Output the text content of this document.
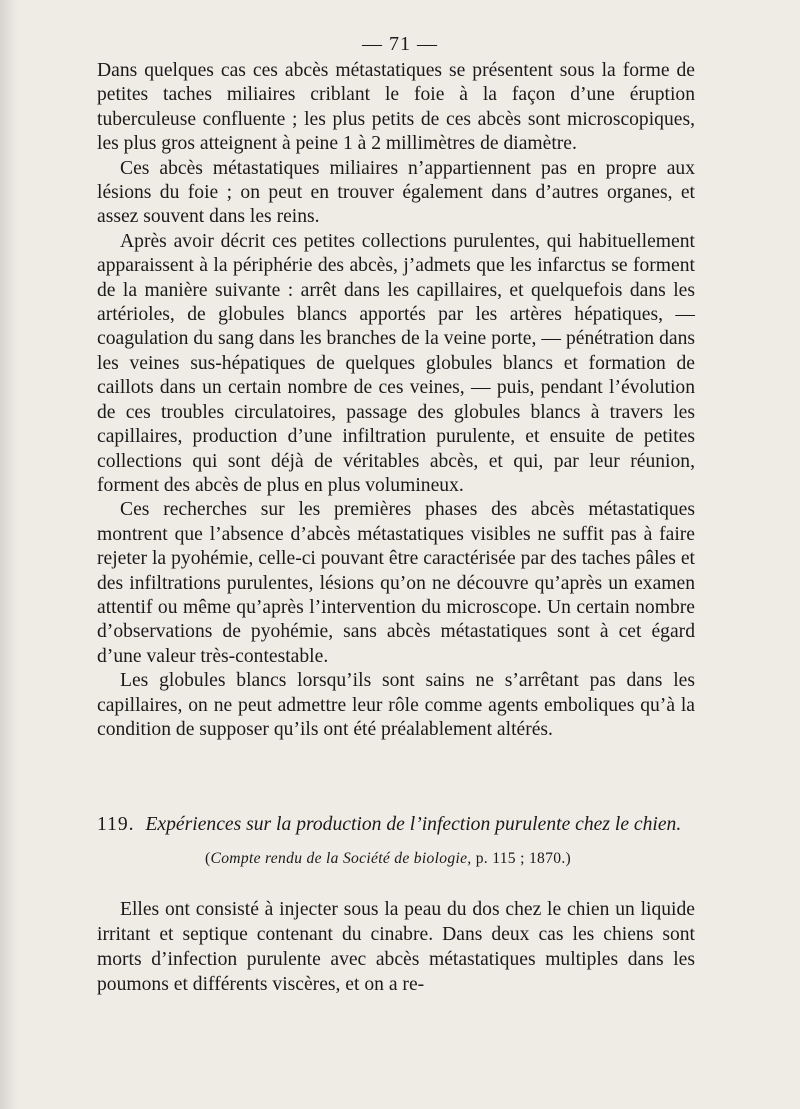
— 71 —

Dans quelques cas ces abcès métastatiques se présentent sous la forme de petites taches miliaires criblant le foie à la façon d’une éruption tuberculeuse confluente ; les plus petits de ces abcès sont microscopiques, les plus gros atteignent à peine 1 à 2 millimètres de diamètre.

Ces abcès métastatiques miliaires n’appartiennent pas en propre aux lésions du foie ; on peut en trouver également dans d’autres organes, et assez souvent dans les reins.

Après avoir décrit ces petites collections purulentes, qui habituellement apparaissent à la périphérie des abcès, j’admets que les infarctus se forment de la manière suivante : arrêt dans les capillaires, et quelquefois dans les artérioles, de globules blancs apportés par les artères hépatiques, — coagulation du sang dans les branches de la veine porte, — pénétration dans les veines sus-hépatiques de quelques globules blancs et formation de caillots dans un certain nombre de ces veines, — puis, pendant l’évolution de ces troubles circulatoires, passage des globules blancs à travers les capillaires, production d’une infiltration purulente, et ensuite de petites collections qui sont déjà de véritables abcès, et qui, par leur réunion, forment des abcès de plus en plus volumineux.

Ces recherches sur les premières phases des abcès métastatiques montrent que l’absence d’abcès métastatiques visibles ne suffit pas à faire rejeter la pyohémie, celle-ci pouvant être caractérisée par des taches pâles et des infiltrations purulentes, lésions qu’on ne découvre qu’après un examen attentif ou même qu’après l’intervention du microscope. Un certain nombre d’observations de pyohémie, sans abcès métastatiques sont à cet égard d’une valeur très-contestable.

Les globules blancs lorsqu’ils sont sains ne s’arrêtant pas dans les capillaires, on ne peut admettre leur rôle comme agents emboliques qu’à la condition de supposer qu’ils ont été préalablement altérés.

119. Expériences sur la production de l’infection purulente chez le chien.
(Compte rendu de la Société de biologie, p. 115 ; 1870.)

Elles ont consisté à injecter sous la peau du dos chez le chien un liquide irritant et septique contenant du cinabre. Dans deux cas les chiens sont morts d’infection purulente avec abcès métastatiques multiples dans les poumons et différents viscères, et on a re-
